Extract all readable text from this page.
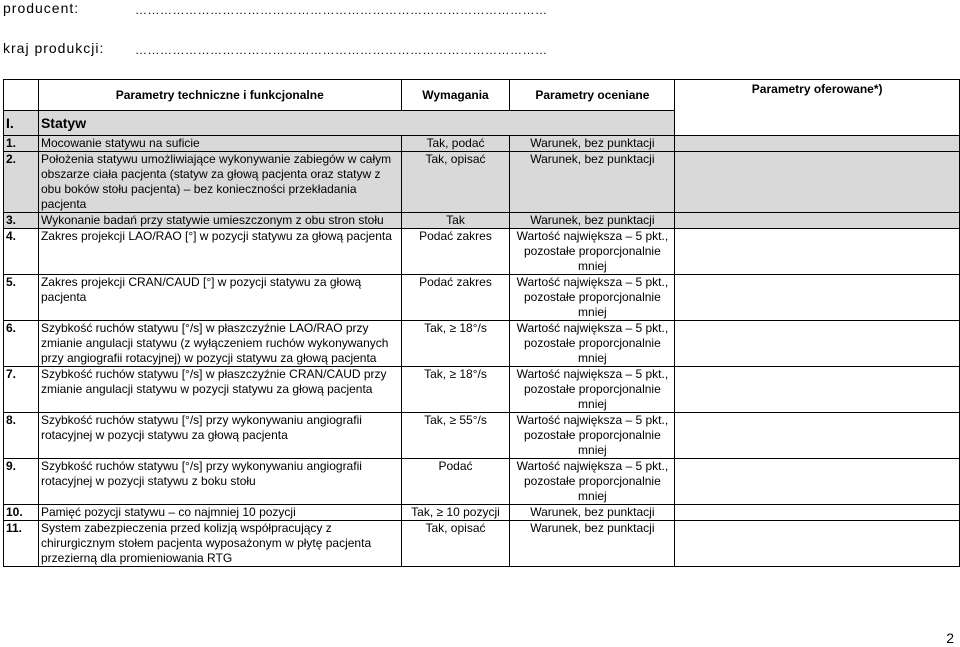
producent:	………………………………………………………………………………………
kraj produkcji:	………………………………………………………………………………………
	Parametry techniczne i funkcjonalne	Wymagania	Parametry oceniane	Parametry oferowane*)
I.	Statyw			
1.	Mocowanie statywu na suficie	Tak, podać	Warunek, bez punktacji	
2.	Położenia statywu umożliwiające wykonywanie zabiegów w całym obszarze ciała pacjenta (statyw za głową pacjenta oraz statyw z obu boków stołu pacjenta) – bez konieczności przekładania pacjenta	Tak, opisać	Warunek, bez punktacji	
3.	Wykonanie badań przy statywie umieszczonym z obu stron stołu	Tak	Warunek, bez punktacji	
4.	Zakres projekcji LAO/RAO [°] w pozycji statywu za głową pacjenta	Podać zakres	Wartość największa – 5 pkt., pozostałe proporcjonalnie mniej	
5.	Zakres projekcji CRAN/CAUD [°] w pozycji statywu za głową pacjenta	Podać zakres	Wartość największa – 5 pkt., pozostałe proporcjonalnie mniej	
6.	Szybkość ruchów statywu [°/s] w płaszczyźnie LAO/RAO przy zmianie angulacji statywu (z wyłączeniem ruchów wykonywanych przy angiografii rotacyjnej) w pozycji statywu za głową pacjenta	Tak, ≥ 18°/s	Wartość największa – 5 pkt., pozostałe proporcjonalnie mniej	
7.	Szybkość ruchów statywu [°/s] w płaszczyźnie CRAN/CAUD przy zmianie angulacji statywu w pozycji statywu za głową pacjenta	Tak, ≥ 18°/s	Wartość największa – 5 pkt., pozostałe proporcjonalnie mniej	
8.	Szybkość ruchów statywu [°/s] przy wykonywaniu angiografii rotacyjnej w pozycji statywu za głową pacjenta	Tak, ≥ 55°/s	Wartość największa – 5 pkt., pozostałe proporcjonalnie mniej	
9.	Szybkość ruchów statywu [°/s] przy wykonywaniu angiografii rotacyjnej w pozycji statywu z boku stołu	Podać	Wartość największa – 5 pkt., pozostałe proporcjonalnie mniej	
10.	Pamięć pozycji statywu – co najmniej 10 pozycji	Tak, ≥ 10 pozycji	Warunek, bez punktacji	
11.	System zabezpieczenia przed kolizją współpracujący z chirurgicznym stołem pacjenta wyposażonym w płytę pacjenta przezierną dla promieniowania RTG	Tak, opisać	Warunek, bez punktacji	
2
